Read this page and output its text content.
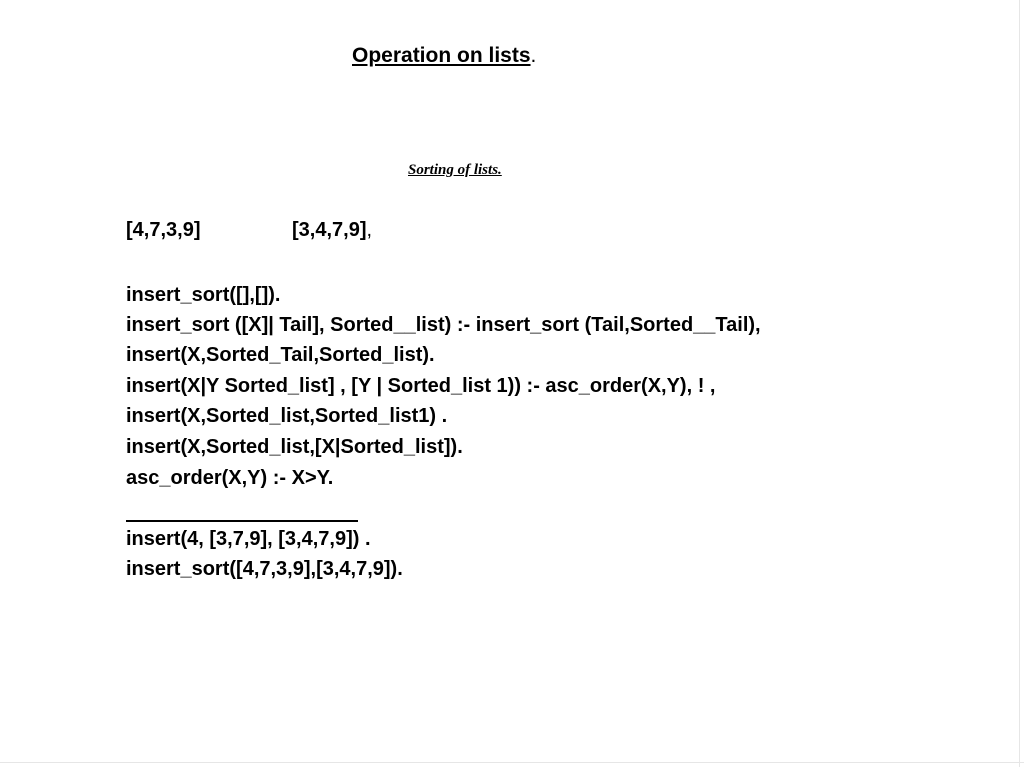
Operation on lists.
Sorting of lists.
[4,7,3,9]	[3,4,7,9],
insert_sort([],[]).
insert_sort ([X]| Tail], Sorted__list) :- insert_sort (Tail,Sorted__Tail),
insert(X,Sorted_Tail,Sorted_list).
insert(X|Y Sorted_list] , [Y | Sorted_list 1)) :- asc_order(X,Y), ! ,
insert(X,Sorted_list,Sorted_list1) .
insert(X,Sorted_list,[X|Sorted_list]).
asc_order(X,Y) :- X>Y.
insert(4, [3,7,9], [3,4,7,9]) .
insert_sort([4,7,3,9],[3,4,7,9]).
